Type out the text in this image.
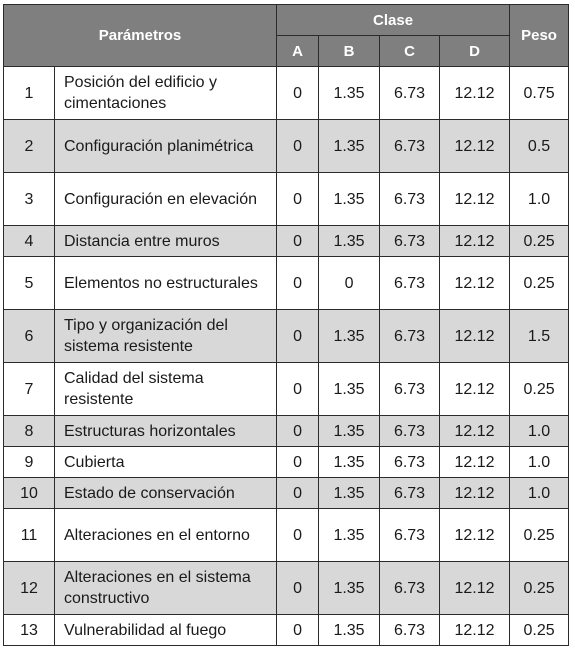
Parámetros		Clase				Peso
		A	B	C	D	
1	Posición del edificio y cimentaciones	0	1.35	6.73	12.12	0.75
2	Configuración planimétrica	0	1.35	6.73	12.12	0.5
3	Configuración en elevación	0	1.35	6.73	12.12	1.0
4	Distancia entre muros	0	1.35	6.73	12.12	0.25
5	Elementos no estructurales	0	0	6.73	12.12	0.25
6	Tipo y organización del sistema resistente	0	1.35	6.73	12.12	1.5
7	Calidad del sistema resistente	0	1.35	6.73	12.12	0.25
8	Estructuras horizontales	0	1.35	6.73	12.12	1.0
9	Cubierta	0	1.35	6.73	12.12	1.0
10	Estado de conservación	0	1.35	6.73	12.12	1.0
11	Alteraciones en el entorno	0	1.35	6.73	12.12	0.25
12	Alteraciones en el sistema constructivo	0	1.35	6.73	12.12	0.25
13	Vulnerabilidad al fuego	0	1.35	6.73	12.12	0.25
